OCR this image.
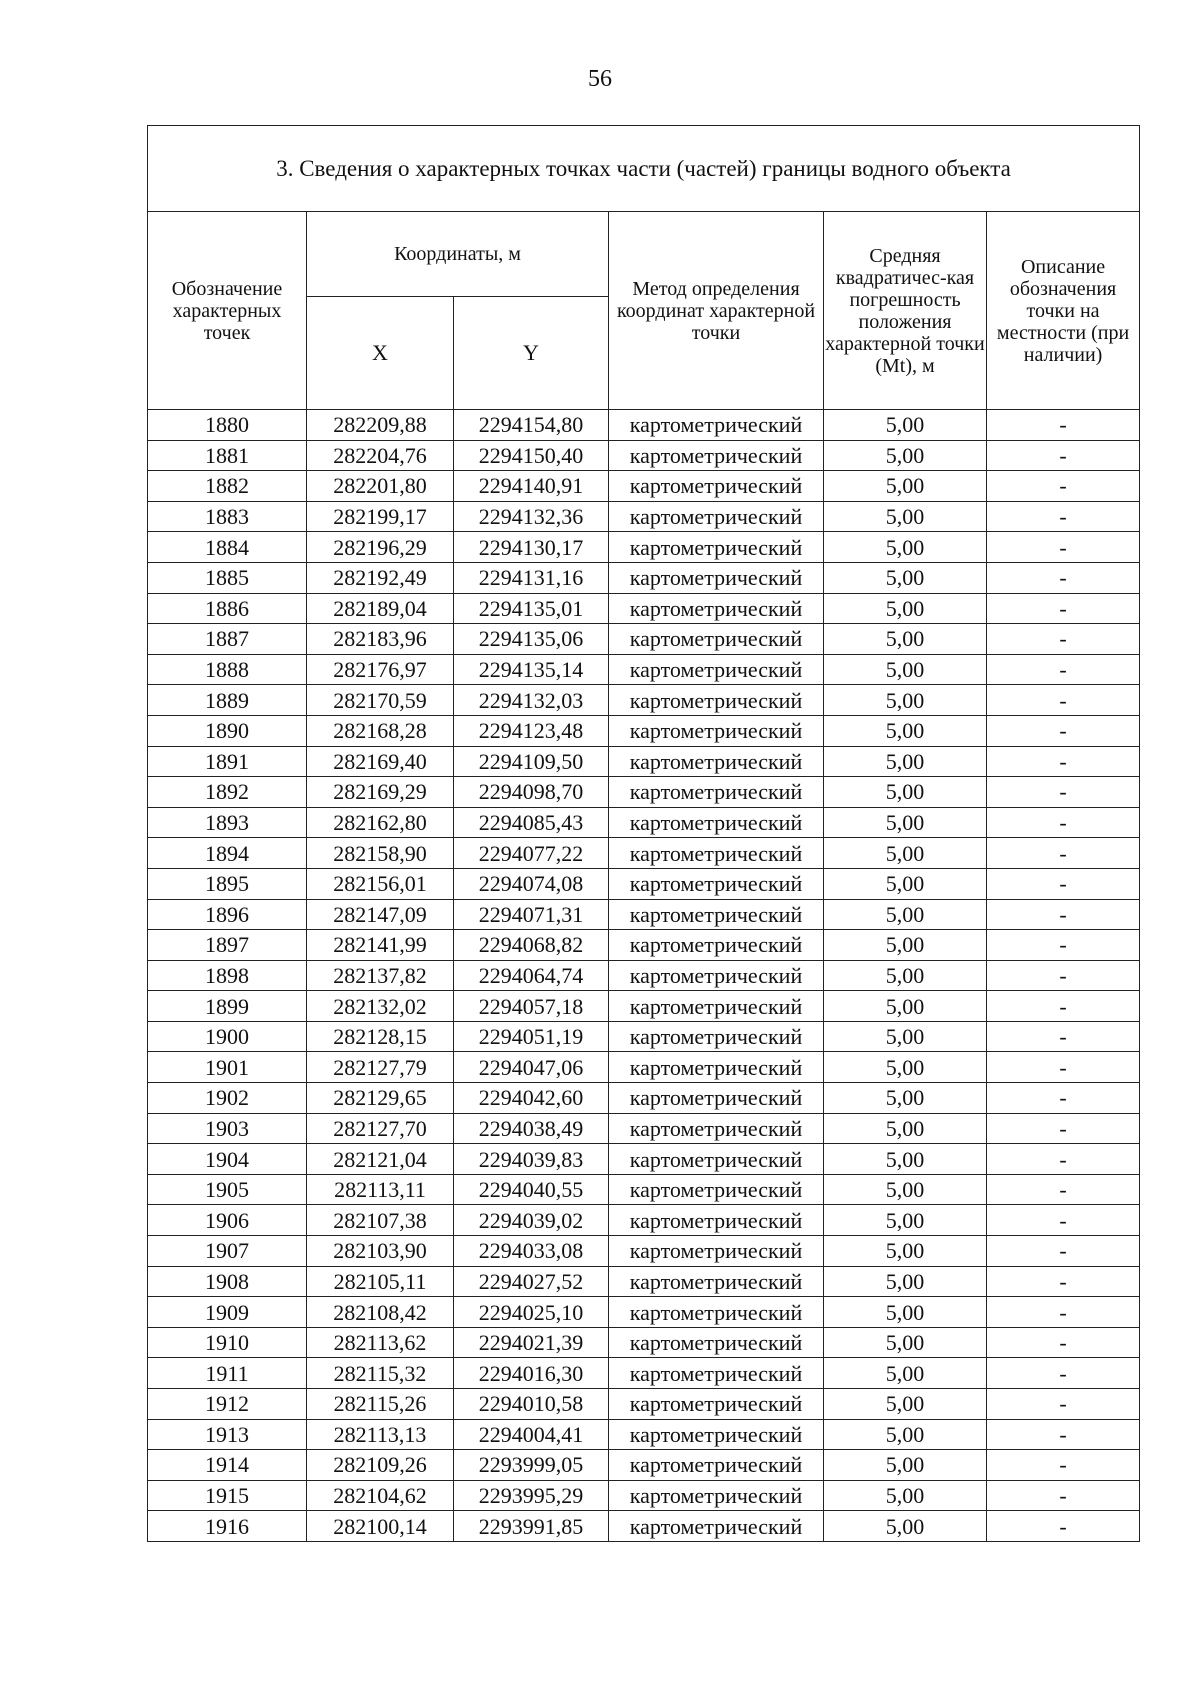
56
3. Сведения о характерных точках части (частей) границы водного объекта					
Обозначение характерных точек	Координаты, м		Метод определения координат характерной точки	Средняя квадратичес-кая погрешность положения характерной точки (Mt), м	Описание обозначения точки на местности (при наличии)
	X	Y			
1880	282209,88	2294154,80	картометрический	5,00	-
1881	282204,76	2294150,40	картометрический	5,00	-
1882	282201,80	2294140,91	картометрический	5,00	-
1883	282199,17	2294132,36	картометрический	5,00	-
1884	282196,29	2294130,17	картометрический	5,00	-
1885	282192,49	2294131,16	картометрический	5,00	-
1886	282189,04	2294135,01	картометрический	5,00	-
1887	282183,96	2294135,06	картометрический	5,00	-
1888	282176,97	2294135,14	картометрический	5,00	-
1889	282170,59	2294132,03	картометрический	5,00	-
1890	282168,28	2294123,48	картометрический	5,00	-
1891	282169,40	2294109,50	картометрический	5,00	-
1892	282169,29	2294098,70	картометрический	5,00	-
1893	282162,80	2294085,43	картометрический	5,00	-
1894	282158,90	2294077,22	картометрический	5,00	-
1895	282156,01	2294074,08	картометрический	5,00	-
1896	282147,09	2294071,31	картометрический	5,00	-
1897	282141,99	2294068,82	картометрический	5,00	-
1898	282137,82	2294064,74	картометрический	5,00	-
1899	282132,02	2294057,18	картометрический	5,00	-
1900	282128,15	2294051,19	картометрический	5,00	-
1901	282127,79	2294047,06	картометрический	5,00	-
1902	282129,65	2294042,60	картометрический	5,00	-
1903	282127,70	2294038,49	картометрический	5,00	-
1904	282121,04	2294039,83	картометрический	5,00	-
1905	282113,11	2294040,55	картометрический	5,00	-
1906	282107,38	2294039,02	картометрический	5,00	-
1907	282103,90	2294033,08	картометрический	5,00	-
1908	282105,11	2294027,52	картометрический	5,00	-
1909	282108,42	2294025,10	картометрический	5,00	-
1910	282113,62	2294021,39	картометрический	5,00	-
1911	282115,32	2294016,30	картометрический	5,00	-
1912	282115,26	2294010,58	картометрический	5,00	-
1913	282113,13	2294004,41	картометрический	5,00	-
1914	282109,26	2293999,05	картометрический	5,00	-
1915	282104,62	2293995,29	картометрический	5,00	-
1916	282100,14	2293991,85	картометрический	5,00	-
